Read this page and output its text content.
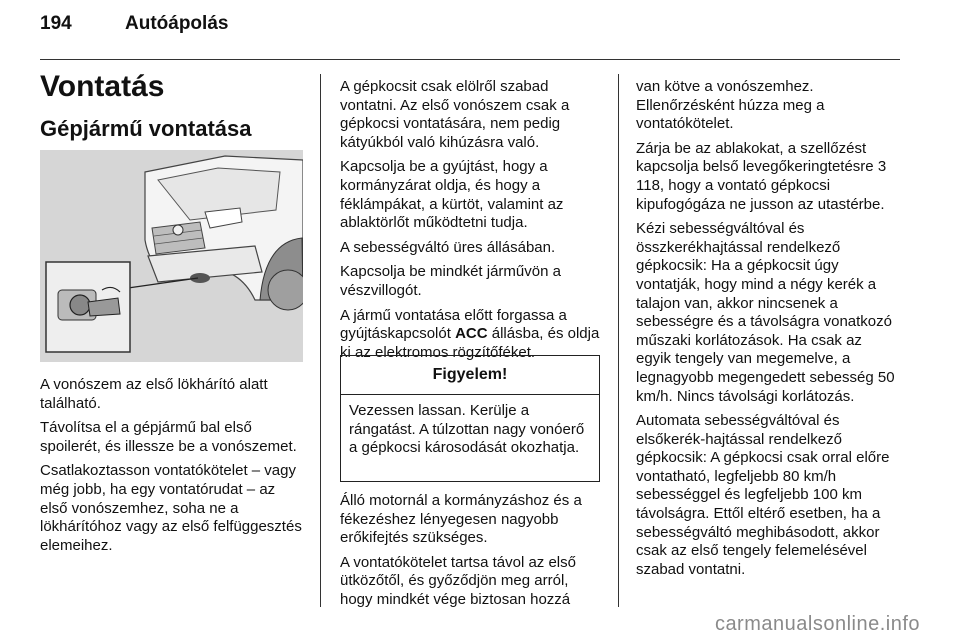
194	Autóápolás
Vontatás
Gépjármű vontatása

A vonószem az első lökhárító alatt található.

Távolítsa el a gépjármű bal első spoilerét, és illessze be a vonószemet.

Csatlakoztasson vontatókötelet – vagy még jobb, ha egy vontatórudat – az első vonószemhez, soha ne a lökhárítóhoz vagy az első felfüggesztés elemeihez.

A gépkocsit csak elölről szabad vontatni. Az első vonószem csak a gépkocsi vontatására, nem pedig kátyúkból való kihúzásra való.

Kapcsolja be a gyújtást, hogy a kormányzárat oldja, és hogy a féklámpákat, a kürtöt, valamint az ablaktörlőt működtetni tudja.

A sebességváltó üres állásában.

Kapcsolja be mindkét járművön a vészvillogót.

A jármű vontatása előtt forgassa a gyújtáskapcsolót ACC állásba, és oldja ki az elektromos rögzítőféket.

Figyelem!
Vezessen lassan. Kerülje a rángatást. A túlzottan nagy vonóerő a gépkocsi károsodását okozhatja.

Álló motornál a kormányzáshoz és a fékezéshez lényegesen nagyobb erőkifejtés szükséges.

A vontatókötelet tartsa távol az első ütközőtől, és győződjön meg arról, hogy mindkét vége biztosan hozzá

van kötve a vonószemhez. Ellenőrzésként húzza meg a vontatókötelet.

Zárja be az ablakokat, a szellőzést kapcsolja belső levegőkeringtetésre 3 118, hogy a vontató gépkocsi kipufogógáza ne jusson az utastérbe.

Kézi sebességváltóval és összkerékhajtással rendelkező gépkocsik: Ha a gépkocsit úgy vontatják, hogy mind a négy kerék a talajon van, akkor nincsenek a sebességre és a távolságra vonatkozó műszaki korlátozások. Ha csak az egyik tengely van megemelve, a legnagyobb megengedett sebesség 50 km/h. Nincs távolsági korlátozás.

Automata sebességváltóval és elsőkerék-hajtással rendelkező gépkocsik: A gépkocsi csak orral előre vontatható, legfeljebb 80 km/h sebességgel és legfeljebb 100 km távolságra. Ettől eltérő esetben, ha a sebességváltó meghibásodott, akkor csak az első tengely felemelésével szabad vontatni.

carmanualsonline.info
